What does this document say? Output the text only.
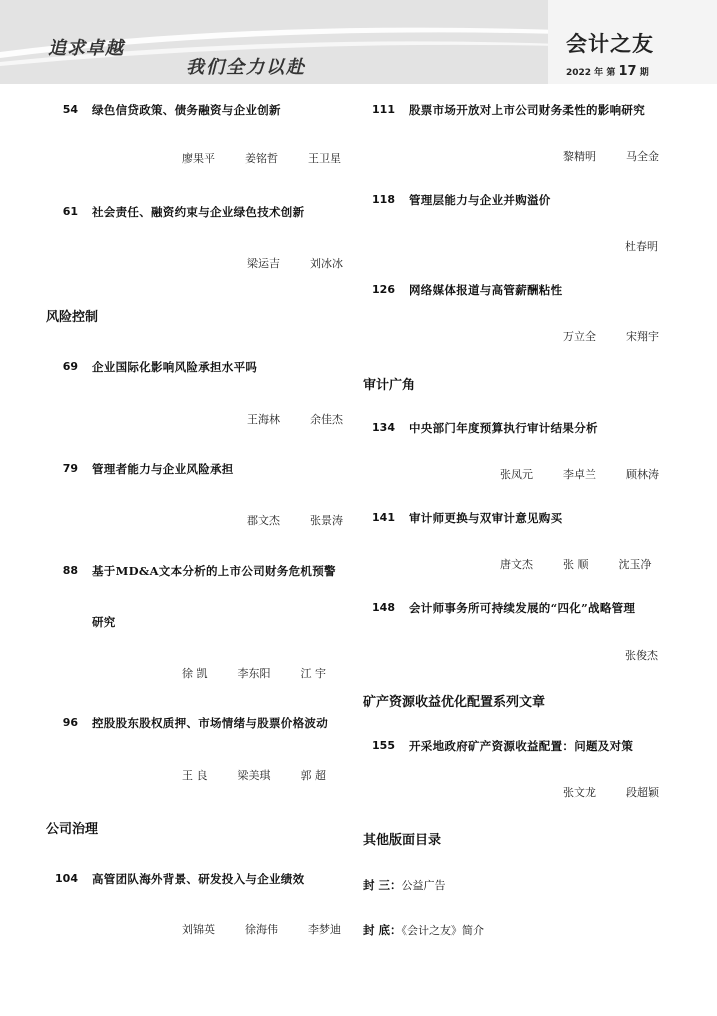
追求卓越
我们全力以赴
会计之友
2022 年 第 17 期
54 绿色信贷政策、债务融资与企业创新
廖果平	姜铭哲	王卫星
61 社会责任、融资约束与企业绿色技术创新
梁运吉	刘冰冰
风险控制
69 企业国际化影响风险承担水平吗
王海林	余佳杰
79 管理者能力与企业风险承担
郡文杰	张景涛
88 基于MD&A文本分析的上市公司财务危机预警
研究
徐 凯	李东阳	江 宇
96 控股股东股权质押、市场情绪与股票价格波动
王 良	梁美琪	郭 超
公司治理
104 高管团队海外背景、研发投入与企业绩效
刘锦英	徐海伟	李梦迪
111 股票市场开放对上市公司财务柔性的影响研究
黎精明	马全金
118 管理层能力与企业并购溢价
杜春明
126 网络媒体报道与高管薪酬粘性
万立全	宋翔宇
审计广角
134 中央部门年度预算执行审计结果分析
张凤元	李卓兰	顾林涛
141 审计师更换与双审计意见购买
唐文杰	张 顺	沈玉净
148 会计师事务所可持续发展的“四化”战略管理
张俊杰
矿产资源收益优化配置系列文章
155 开采地政府矿产资源收益配置：问题及对策
张文龙	段超颖
其他版面目录
封 三：公益广告
封 底：《会计之友》简介
